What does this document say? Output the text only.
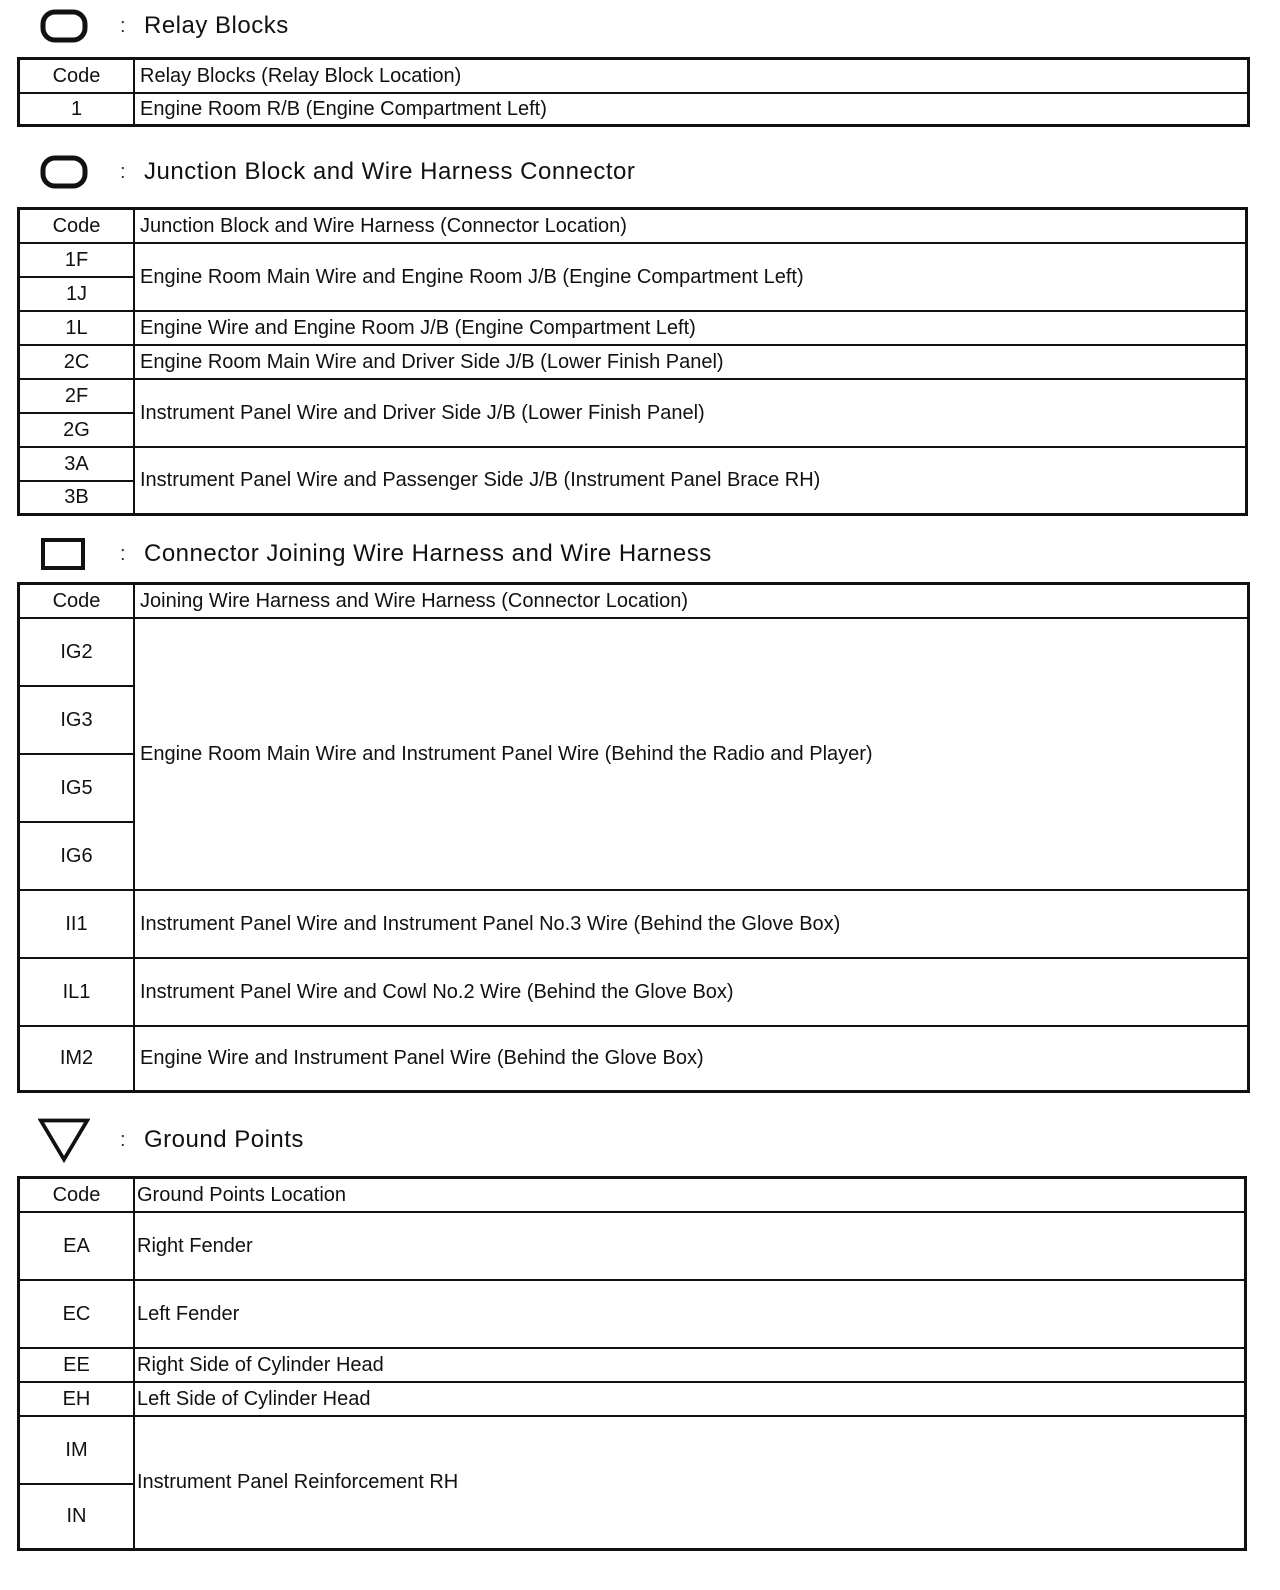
: Relay Blocks
Code	Relay Blocks (Relay Block Location)
1	Engine Room R/B (Engine Compartment Left)
: Junction Block and Wire Harness Connector
Code	Junction Block and Wire Harness (Connector Location)
1F	Engine Room Main Wire and Engine Room J/B (Engine Compartment Left)
1J	
1L	Engine Wire and Engine Room J/B (Engine Compartment Left)
2C	Engine Room Main Wire and Driver Side J/B (Lower Finish Panel)
2F	Instrument Panel Wire and Driver Side J/B (Lower Finish Panel)
2G	
3A	Instrument Panel Wire and Passenger Side J/B (Instrument Panel Brace RH)
3B	
: Connector Joining Wire Harness and Wire Harness
Code	Joining Wire Harness and Wire Harness (Connector Location)
IG2	Engine Room Main Wire and Instrument Panel Wire (Behind the Radio and Player)
IG3	
IG5	
IG6	
II1	Instrument Panel Wire and Instrument Panel No.3 Wire (Behind the Glove Box)
IL1	Instrument Panel Wire and Cowl No.2 Wire (Behind the Glove Box)
IM2	Engine Wire and Instrument Panel Wire (Behind the Glove Box)
: Ground Points
Code	Ground Points Location
EA	Right Fender
EC	Left Fender
EE	Right Side of Cylinder Head
EH	Left Side of Cylinder Head
IM	Instrument Panel Reinforcement RH
IN	
